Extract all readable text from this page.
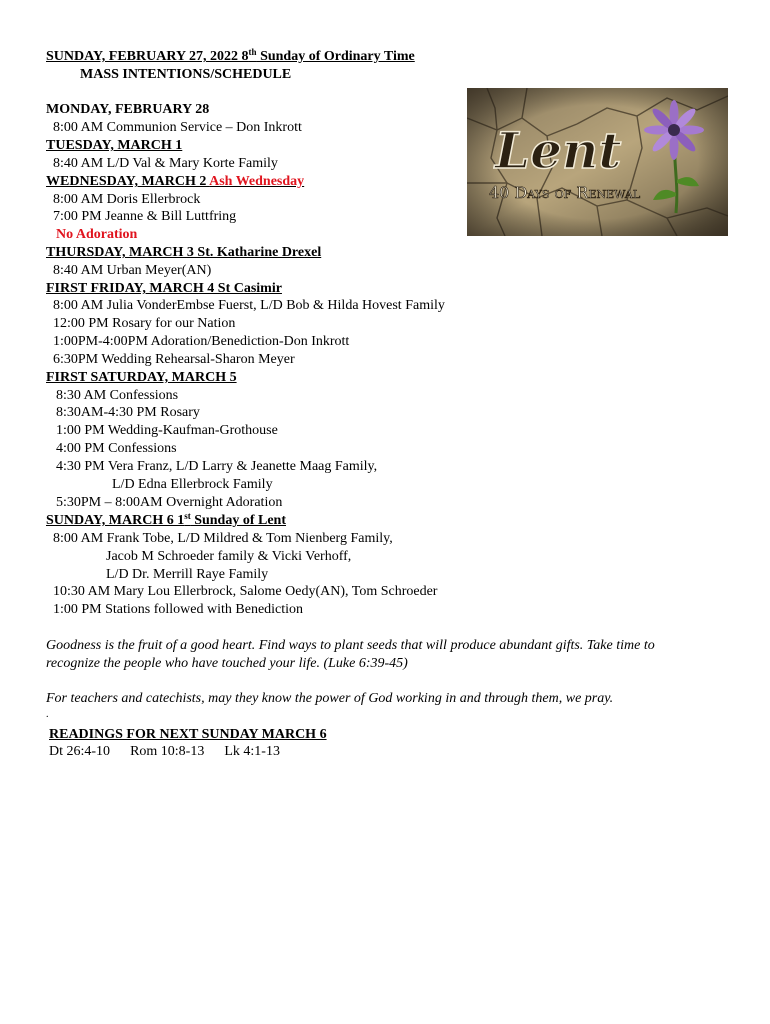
SUNDAY, FEBRUARY 27, 2022 8th Sunday of Ordinary Time
MASS INTENTIONS/SCHEDULE
Lent
40 Days of Renewal
MONDAY, FEBRUARY 28
8:00 AM Communion Service – Don Inkrott
TUESDAY, MARCH 1
8:40 AM L/D Val & Mary Korte Family
WEDNESDAY, MARCH 2 Ash Wednesday
8:00 AM Doris Ellerbrock
7:00 PM Jeanne & Bill Luttfring
No Adoration
THURSDAY, MARCH 3 St. Katharine Drexel
8:40 AM Urban Meyer(AN)
FIRST FRIDAY, MARCH 4 St Casimir
8:00 AM Julia VonderEmbse Fuerst, L/D Bob & Hilda Hovest Family
12:00 PM Rosary for our Nation
1:00PM-4:00PM Adoration/Benediction-Don Inkrott
6:30PM Wedding Rehearsal-Sharon Meyer
FIRST SATURDAY, MARCH 5
8:30 AM Confessions
8:30AM-4:30 PM Rosary
1:00 PM Wedding-Kaufman-Grothouse
4:00 PM Confessions
4:30 PM Vera Franz, L/D Larry & Jeanette Maag Family,
L/D Edna Ellerbrock Family
5:30PM – 8:00AM Overnight Adoration
SUNDAY, MARCH 6 1st Sunday of Lent
8:00 AM Frank Tobe, L/D Mildred & Tom Nienberg Family,
Jacob M Schroeder family & Vicki Verhoff,
L/D Dr. Merrill Raye Family
10:30 AM Mary Lou Ellerbrock, Salome Oedy(AN), Tom Schroeder
1:00 PM Stations followed with Benediction
Goodness is the fruit of a good heart. Find ways to plant seeds that will produce abundant gifts. Take time to
recognize the people who have touched your life. (Luke 6:39-45)
For teachers and catechists, may they know the power of God working in and through them, we pray.
.
READINGS FOR NEXT SUNDAY MARCH 6
Dt 26:4-10 Rom 10:8-13 Lk 4:1-13
